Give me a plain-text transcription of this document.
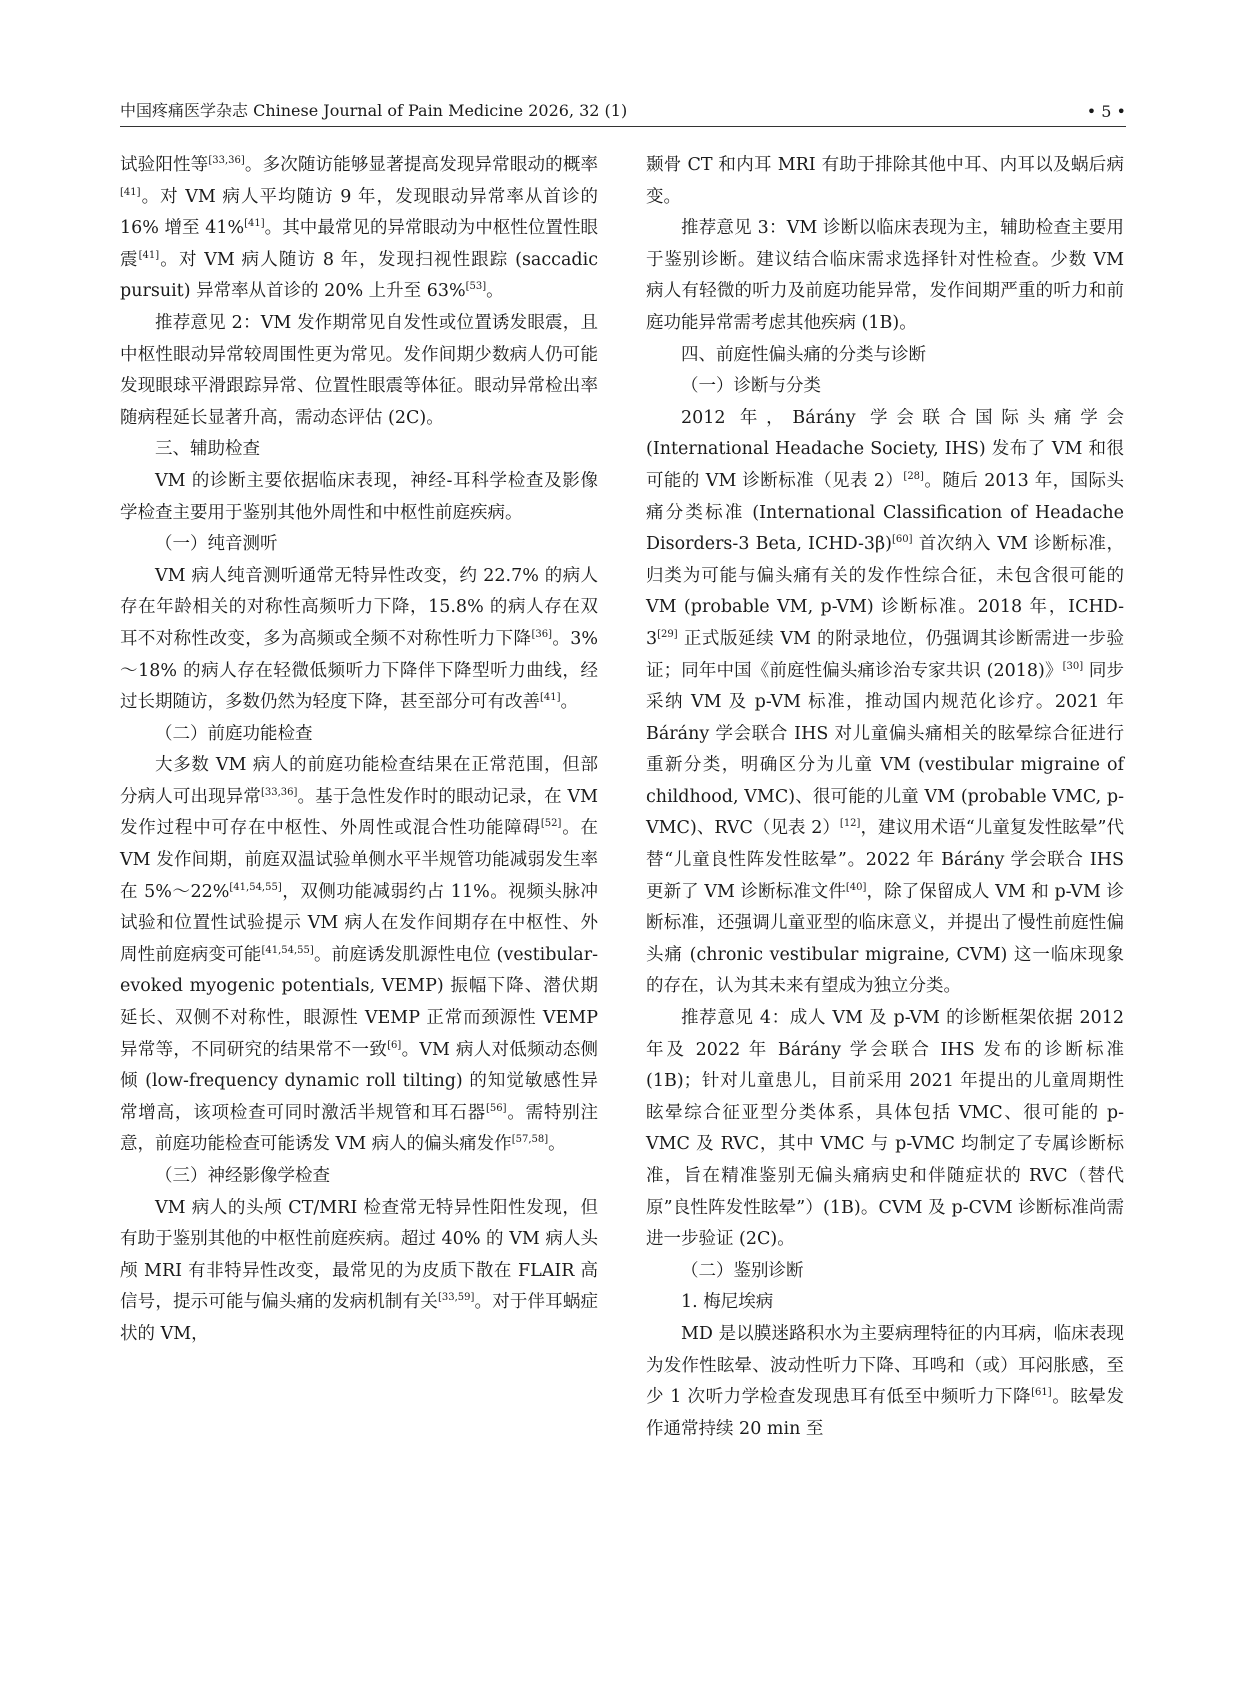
中国疼痛医学杂志 Chinese Journal of Pain Medicine 2026, 32 (1)	• 5 •

试验阳性等[33,36]。多次随访能够显著提高发现异常眼动的概率[41]。对 VM 病人平均随访 9 年，发现眼动异常率从首诊的 16% 增至 41%[41]。其中最常见的异常眼动为中枢性位置性眼震[41]。对 VM 病人随访 8 年，发现扫视性跟踪 (saccadic pursuit) 异常率从首诊的 20% 上升至 63%[53]。

推荐意见 2：VM 发作期常见自发性或位置诱发眼震，且中枢性眼动异常较周围性更为常见。发作间期少数病人仍可能发现眼球平滑跟踪异常、位置性眼震等体征。眼动异常检出率随病程延长显著升高，需动态评估 (2C)。

三、辅助检查

VM 的诊断主要依据临床表现，神经-耳科学检查及影像学检查主要用于鉴别其他外周性和中枢性前庭疾病。

（一）纯音测听

VM 病人纯音测听通常无特异性改变，约 22.7% 的病人存在年龄相关的对称性高频听力下降，15.8% 的病人存在双耳不对称性改变，多为高频或全频不对称性听力下降[36]。3%～18% 的病人存在轻微低频听力下降伴下降型听力曲线，经过长期随访，多数仍然为轻度下降，甚至部分可有改善[41]。

（二）前庭功能检查

大多数 VM 病人的前庭功能检查结果在正常范围，但部分病人可出现异常[33,36]。基于急性发作时的眼动记录，在 VM 发作过程中可存在中枢性、外周性或混合性功能障碍[52]。在 VM 发作间期，前庭双温试验单侧水平半规管功能减弱发生率在 5%～22%[41,54,55]，双侧功能减弱约占 11%。视频头脉冲试验和位置性试验提示 VM 病人在发作间期存在中枢性、外周性前庭病变可能[41,54,55]。前庭诱发肌源性电位 (vestibular-evoked myogenic potentials, VEMP) 振幅下降、潜伏期延长、双侧不对称性，眼源性 VEMP 正常而颈源性 VEMP 异常等，不同研究的结果常不一致[6]。VM 病人对低频动态侧倾 (low-frequency dynamic roll tilting) 的知觉敏感性异常增高，该项检查可同时激活半规管和耳石器[56]。需特别注意，前庭功能检查可能诱发 VM 病人的偏头痛发作[57,58]。

（三）神经影像学检查

VM 病人的头颅 CT/MRI 检查常无特异性阳性发现，但有助于鉴别其他的中枢性前庭疾病。超过 40% 的 VM 病人头颅 MRI 有非特异性改变，最常见的为皮质下散在 FLAIR 高信号，提示可能与偏头痛的发病机制有关[33,59]。对于伴耳蜗症状的 VM，

颞骨 CT 和内耳 MRI 有助于排除其他中耳、内耳以及蜗后病变。

推荐意见 3：VM 诊断以临床表现为主，辅助检查主要用于鉴别诊断。建议结合临床需求选择针对性检查。少数 VM 病人有轻微的听力及前庭功能异常，发作间期严重的听力和前庭功能异常需考虑其他疾病 (1B)。

四、前庭性偏头痛的分类与诊断

（一）诊断与分类

2012 年，Bárány 学会联合国际头痛学会 (International Headache Society, IHS) 发布了 VM 和很可能的 VM 诊断标准（见表 2）[28]。随后 2013 年，国际头痛分类标准 (International Classification of Headache Disorders-3 Beta, ICHD-3β)[60] 首次纳入 VM 诊断标准，归类为可能与偏头痛有关的发作性综合征，未包含很可能的 VM (probable VM, p-VM) 诊断标准。2018 年，ICHD-3[29] 正式版延续 VM 的附录地位，仍强调其诊断需进一步验证；同年中国《前庭性偏头痛诊治专家共识 (2018)》[30] 同步采纳 VM 及 p-VM 标准，推动国内规范化诊疗。2021 年 Bárány 学会联合 IHS 对儿童偏头痛相关的眩晕综合征进行重新分类，明确区分为儿童 VM (vestibular migraine of childhood, VMC)、很可能的儿童 VM (probable VMC, p-VMC)、RVC（见表 2）[12]，建议用术语“儿童复发性眩晕”代替“儿童良性阵发性眩晕”。2022 年 Bárány 学会联合 IHS 更新了 VM 诊断标准文件[40]，除了保留成人 VM 和 p-VM 诊断标准，还强调儿童亚型的临床意义，并提出了慢性前庭性偏头痛 (chronic vestibular migraine, CVM) 这一临床现象的存在，认为其未来有望成为独立分类。

推荐意见 4：成人 VM 及 p-VM 的诊断框架依据 2012 年及 2022 年 Bárány 学会联合 IHS 发布的诊断标准 (1B)；针对儿童患儿，目前采用 2021 年提出的儿童周期性眩晕综合征亚型分类体系，具体包括 VMC、很可能的 p-VMC 及 RVC，其中 VMC 与 p-VMC 均制定了专属诊断标准，旨在精准鉴别无偏头痛病史和伴随症状的 RVC（替代原”良性阵发性眩晕”）(1B)。CVM 及 p-CVM 诊断标准尚需进一步验证 (2C)。

（二）鉴别诊断

1. 梅尼埃病

MD 是以膜迷路积水为主要病理特征的内耳病，临床表现为发作性眩晕、波动性听力下降、耳鸣和（或）耳闷胀感，至少 1 次听力学检查发现患耳有低至中频听力下降[61]。眩晕发作通常持续 20 min 至
